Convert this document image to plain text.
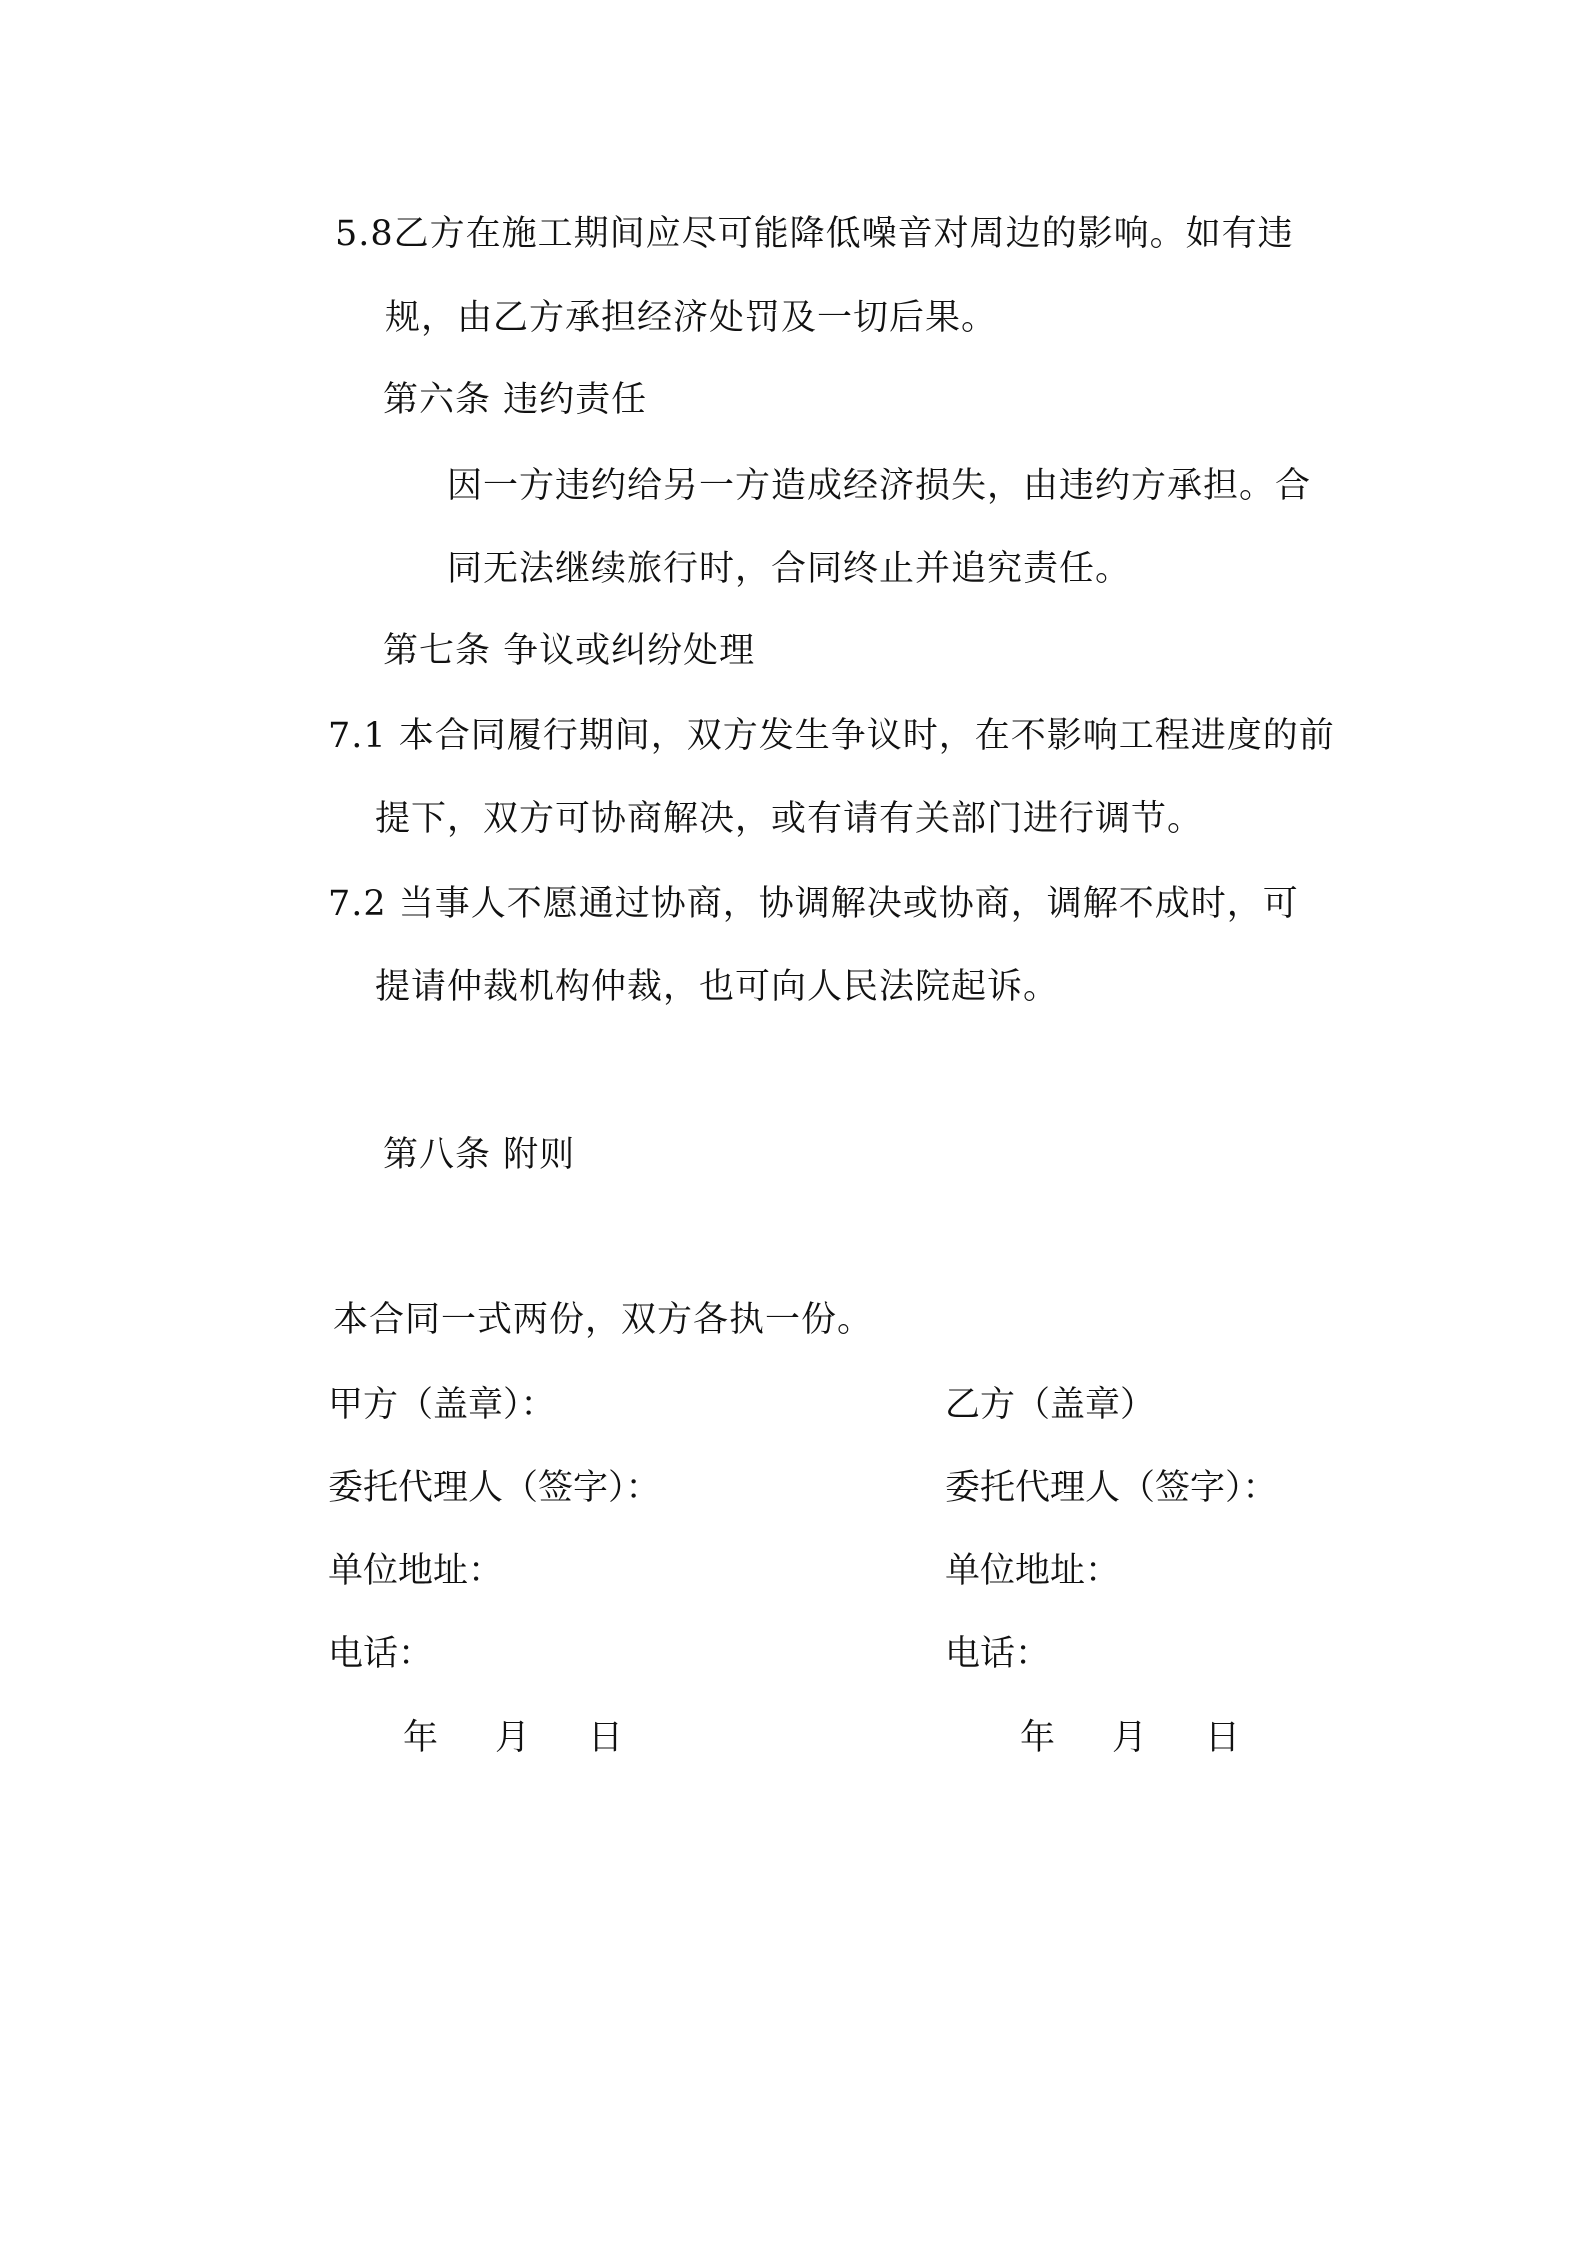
5.8乙方在施工期间应尽可能降低噪音对周边的影响。如有违
规，由乙方承担经济处罚及一切后果。
第六条 违约责任
因一方违约给另一方造成经济损失，由违约方承担。合
同无法继续旅行时，合同终止并追究责任。
第七条 争议或纠纷处理
7.1 本合同履行期间，双方发生争议时，在不影响工程进度的前
提下，双方可协商解决，或有请有关部门进行调节。
7.2 当事人不愿通过协商，协调解决或协商，调解不成时，可
提请仲裁机构仲裁，也可向人民法院起诉。
第八条 附则
本合同一式两份，双方各执一份。
甲方（盖章）：
委托代理人（签字）：
单位地址：
电话：
年 月 日
乙方（盖章）
委托代理人（签字）：
单位地址：
电话：
年 月 日
